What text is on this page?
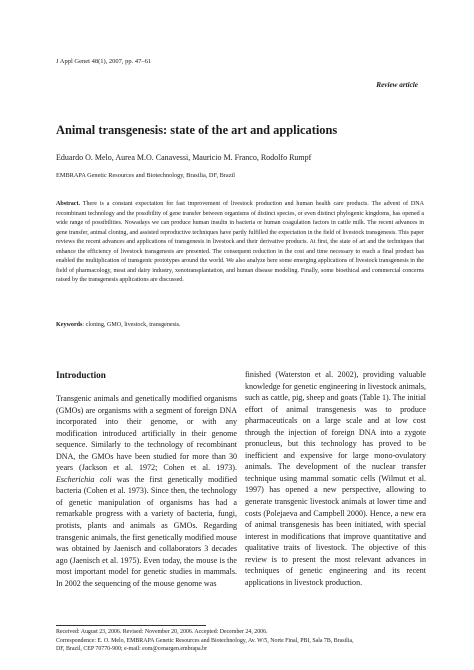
J Appl Genet 48(1), 2007, pp. 47–61
Review article
Animal transgenesis: state of the art and applications
Eduardo O. Melo, Aurea M.O. Canavessi, Mauricio M. Franco, Rodolfo Rumpf
EMBRAPA Genetic Resources and Biotechnology, Brasilia, DF, Brazil

Abstract. There is a constant expectation for fast improvement of livestock production and human health care products. The advent of DNA recombinant technology and the possibility of gene transfer between organisms of distinct species, or even distinct phylogenic kingdoms, has opened a wide range of possibilities. Nowadays we can produce human insulin in bacteria or human coagulation factors in cattle milk. The recent advances in gene transfer, animal cloning, and assisted reproductive techniques have partly fulfilled the expectation in the field of livestock transgenesis. This paper reviews the recent advances and applications of transgenesis in livestock and their derivative products. At first, the state of art and the techniques that enhance the efficiency of livestock transgenesis are presented. The consequent reduction in the cost and time necessary to reach a final product has enabled the multiplication of transgenic prototypes around the world. We also analyze here some emerging applications of livestock transgenesis in the field of pharmacology, meat and dairy industry, xenotransplantation, and human disease modeling. Finally, some bioethical and commercial concerns raised by the transgenesis applications are discussed.

Keywords: cloning, GMO, livestock, transgenesis.
Introduction

Transgenic animals and genetically modified organisms (GMOs) are organisms with a segment of foreign DNA incorporated into their genome, or with any modification introduced artificially in their genome sequence. Similarly to the technology of recombinant DNA, the GMOs have been studied for more than 30 years (Jackson et al. 1972; Cohen et al. 1973). Escherichia coli was the first genetically modified bacteria (Cohen et al. 1973). Since then, the technology of genetic manipulation of organisms has had a remarkable progress with a variety of bacteria, fungi, protists, plants and animals as GMOs. Regarding transgenic animals, the first genetically modified mouse was obtained by Jaenisch and collaborators 3 decades ago (Jaenisch et al. 1975). Even today, the mouse is the most important model for genetic studies in mammals. In 2002 the sequencing of the mouse genome was

finished (Waterston et al. 2002), providing valuable knowledge for genetic engineering in livestock animals, such as cattle, pig, sheep and goats (Table 1). The initial effort of animal transgenesis was to produce pharmaceuticals on a large scale and at low cost through the injection of foreign DNA into a zygote pronucleus, but this technology has proved to be inefficient and expensive for large mono-ovulatory animals. The development of the nuclear transfer technique using mammal somatic cells (Wilmut et al. 1997) has opened a new perspective, allowing to generate transgenic livestock animals at lower time and costs (Polejaeva and Campbell 2000). Hence, a new era of animal transgenesis has been initiated, with special interest in modifications that improve quantitative and qualitative traits of livestock. The objective of this review is to present the most relevant advances in techniques of genetic engineering and its recent applications in livestock production.

Received: August 23, 2006. Revised: November 20, 2006. Accepted: December 24, 2006.
Correspondence: E. O. Melo, EMBRAPA Genetic Resources and Biotechnology, Av. W/5, Norte Final, PBI, Sala 7B, Brasilia,
DF, Brazil, CEP 70770-900; e-mail: eom@cenargen.embrapa.br
